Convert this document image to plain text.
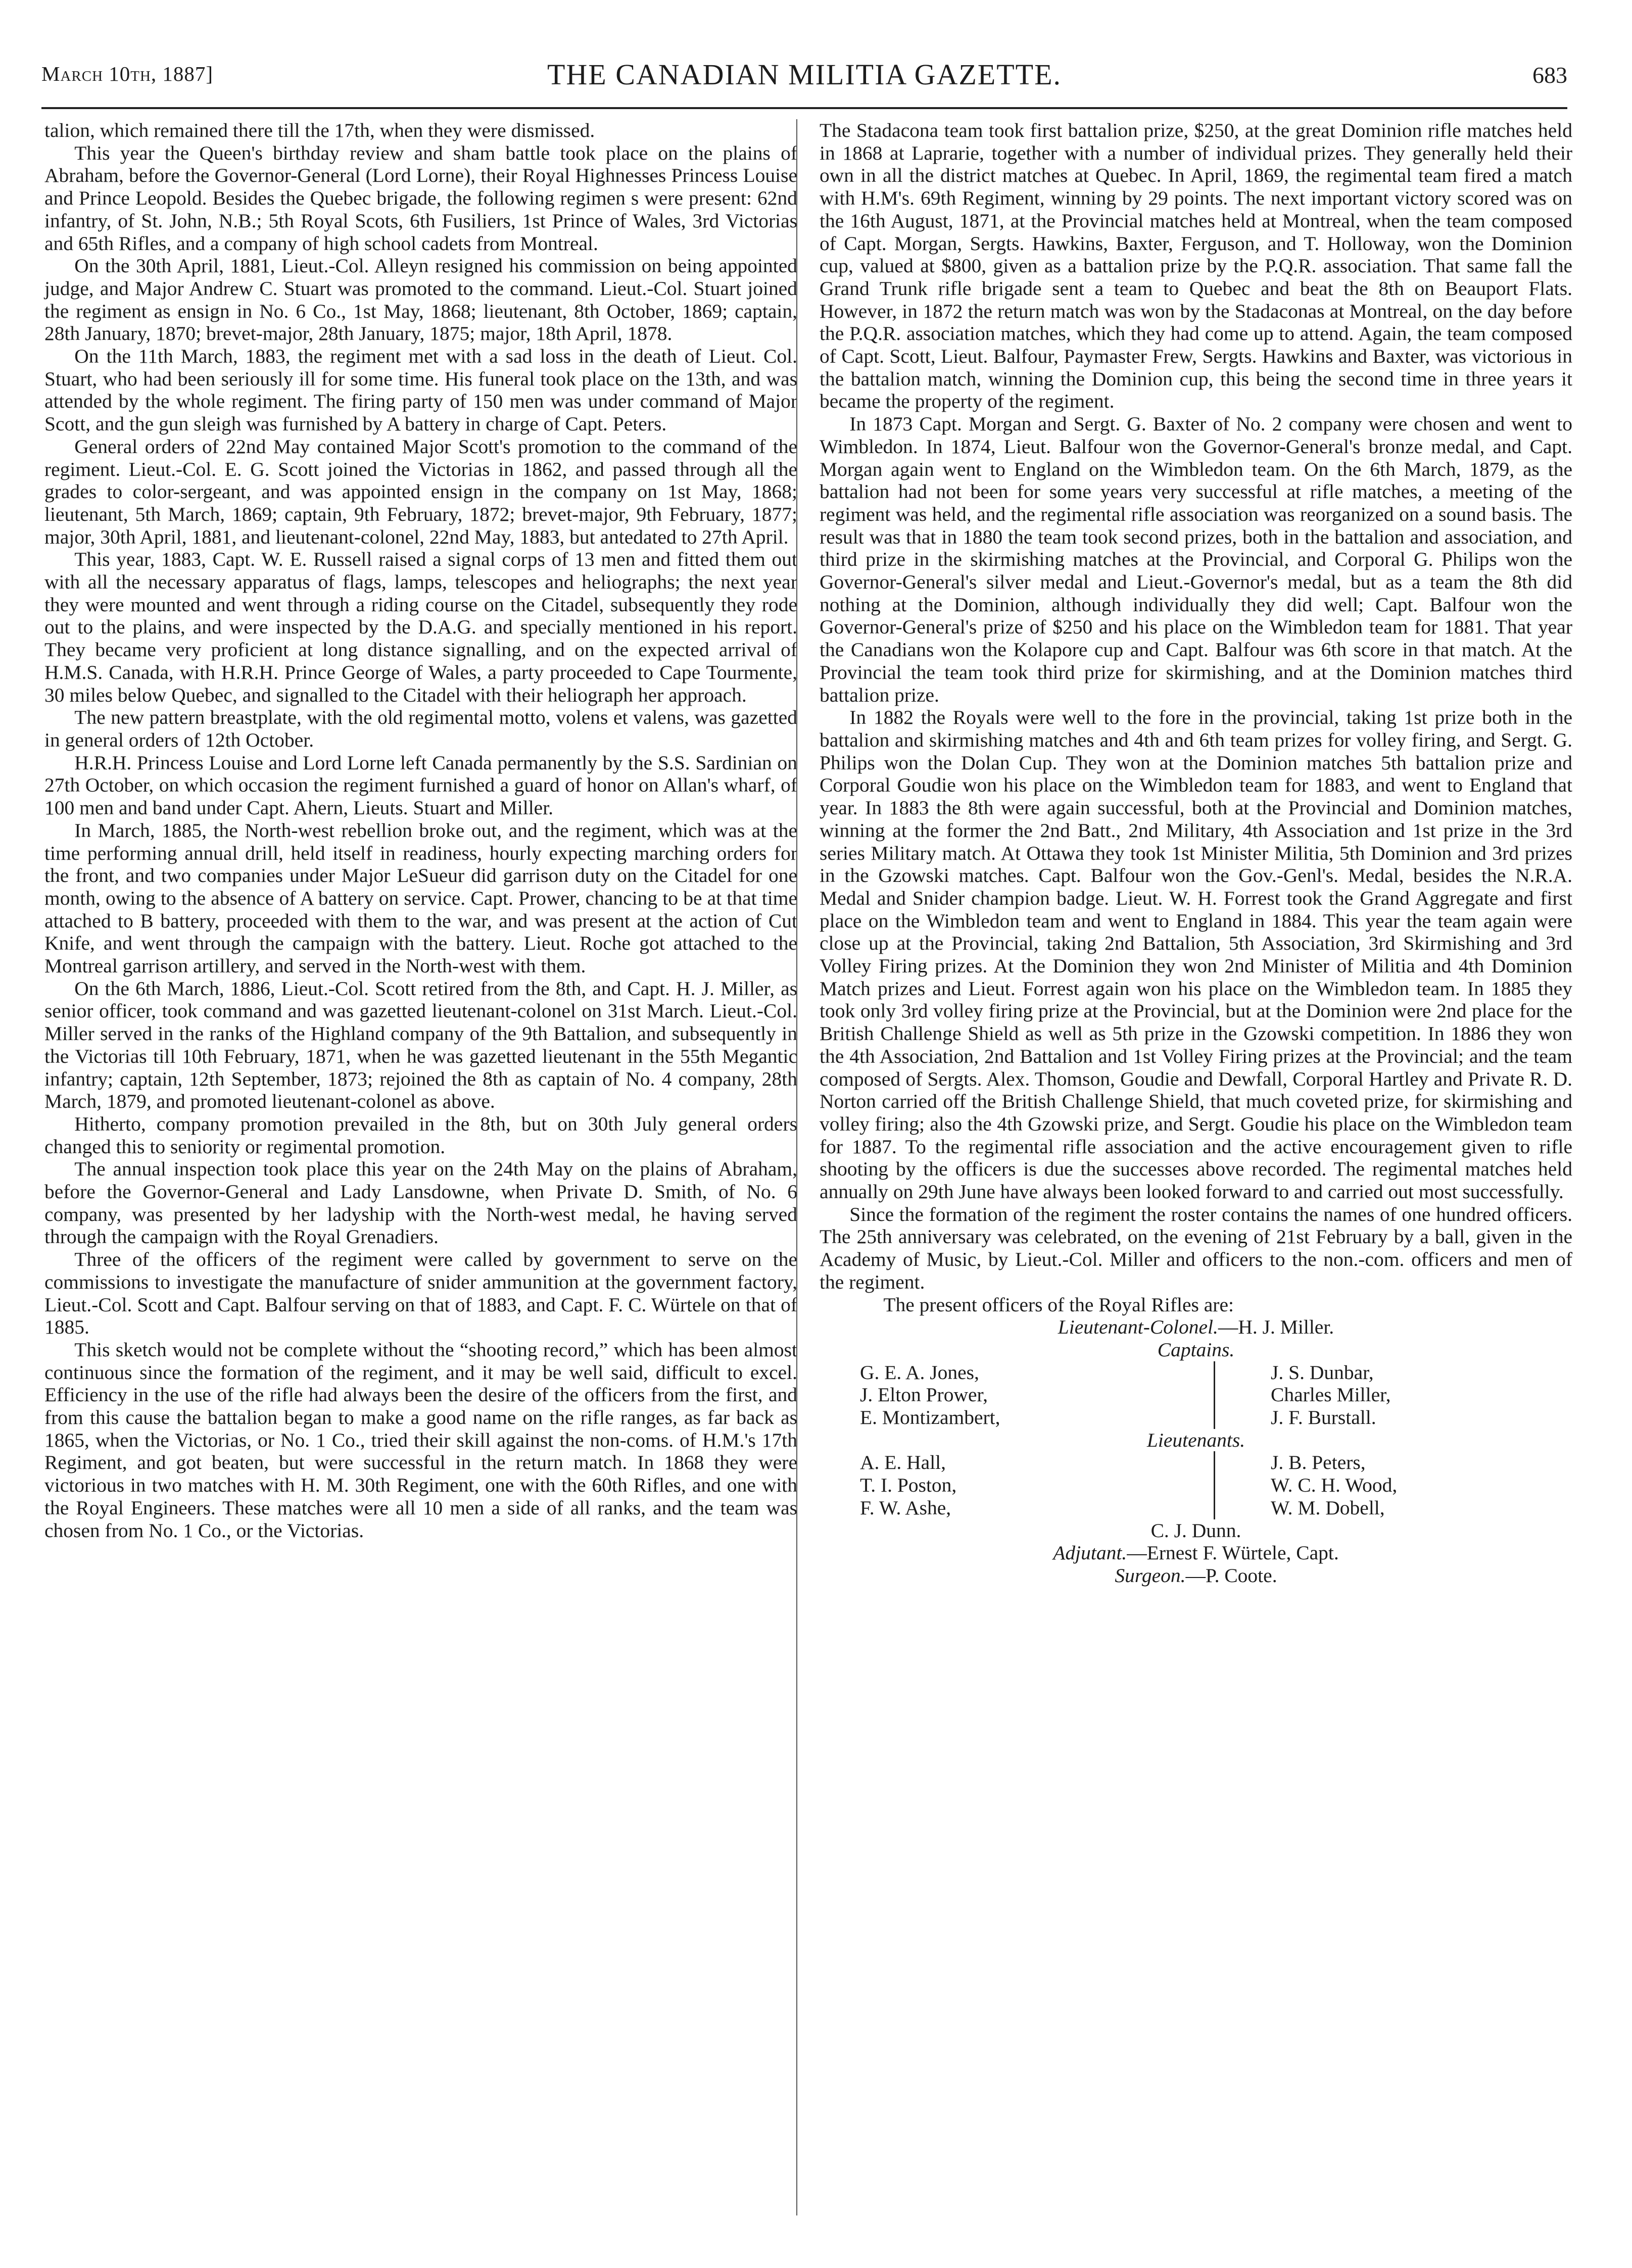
March 10th, 1887]	THE CANADIAN MILITIA GAZETTE.	683

talion, which remained there till the 17th, when they were dismissed.

This year the Queen's birthday review and sham battle took place on the plains of Abraham, before the Governor-General (Lord Lorne), their Royal Highnesses Princess Louise and Prince Leopold. Besides the Quebec brigade, the following regimen s were present: 62nd infantry, of St. John, N.B.; 5th Royal Scots, 6th Fusiliers, 1st Prince of Wales, 3rd Victorias and 65th Rifles, and a company of high school cadets from Montreal.

On the 30th April, 1881, Lieut.-Col. Alleyn resigned his commission on being appointed judge, and Major Andrew C. Stuart was promoted to the command. Lieut.-Col. Stuart joined the regiment as ensign in No. 6 Co., 1st May, 1868; lieutenant, 8th October, 1869; captain, 28th January, 1870; brevet-major, 28th January, 1875; major, 18th April, 1878.

On the 11th March, 1883, the regiment met with a sad loss in the death of Lieut. Col. Stuart, who had been seriously ill for some time. His funeral took place on the 13th, and was attended by the whole regiment. The firing party of 150 men was under command of Major Scott, and the gun sleigh was furnished by A battery in charge of Capt. Peters.

General orders of 22nd May contained Major Scott's promotion to the command of the regiment. Lieut.-Col. E. G. Scott joined the Victorias in 1862, and passed through all the grades to color-sergeant, and was appointed ensign in the company on 1st May, 1868; lieutenant, 5th March, 1869; captain, 9th February, 1872; brevet-major, 9th February, 1877; major, 30th April, 1881, and lieutenant-colonel, 22nd May, 1883, but antedated to 27th April.

This year, 1883, Capt. W. E. Russell raised a signal corps of 13 men and fitted them out with all the necessary apparatus of flags, lamps, telescopes and heliographs; the next year they were mounted and went through a riding course on the Citadel, subsequently they rode out to the plains, and were inspected by the D.A.G. and specially mentioned in his report. They became very proficient at long distance signalling, and on the expected arrival of H.M.S. Canada, with H.R.H. Prince George of Wales, a party proceeded to Cape Tourmente, 30 miles below Quebec, and signalled to the Citadel with their heliograph her approach.

The new pattern breastplate, with the old regimental motto, volens et valens, was gazetted in general orders of 12th October.

H.R.H. Princess Louise and Lord Lorne left Canada permanently by the S.S. Sardinian on 27th October, on which occasion the regiment furnished a guard of honor on Allan's wharf, of 100 men and band under Capt. Ahern, Lieuts. Stuart and Miller.

In March, 1885, the North-west rebellion broke out, and the regiment, which was at the time performing annual drill, held itself in readiness, hourly expecting marching orders for the front, and two companies under Major LeSueur did garrison duty on the Citadel for one month, owing to the absence of A battery on service. Capt. Prower, chancing to be at that time attached to B battery, proceeded with them to the war, and was present at the action of Cut Knife, and went through the campaign with the battery. Lieut. Roche got attached to the Montreal garrison artillery, and served in the North-west with them.

On the 6th March, 1886, Lieut.-Col. Scott retired from the 8th, and Capt. H. J. Miller, as senior officer, took command and was gazetted lieutenant-colonel on 31st March. Lieut.-Col. Miller served in the ranks of the Highland company of the 9th Battalion, and subsequently in the Victorias till 10th February, 1871, when he was gazetted lieutenant in the 55th Megantic infantry; captain, 12th September, 1873; rejoined the 8th as captain of No. 4 company, 28th March, 1879, and promoted lieutenant-colonel as above.

Hitherto, company promotion prevailed in the 8th, but on 30th July general orders changed this to seniority or regimental promotion.

The annual inspection took place this year on the 24th May on the plains of Abraham, before the Governor-General and Lady Lansdowne, when Private D. Smith, of No. 6 company, was presented by her ladyship with the North-west medal, he having served through the campaign with the Royal Grenadiers.

Three of the officers of the regiment were called by government to serve on the commissions to investigate the manufacture of snider ammunition at the government factory, Lieut.-Col. Scott and Capt. Balfour serving on that of 1883, and Capt. F. C. Würtele on that of 1885.

This sketch would not be complete without the “shooting record,” which has been almost continuous since the formation of the regiment, and it may be well said, difficult to excel. Efficiency in the use of the rifle had always been the desire of the officers from the first, and from this cause the battalion began to make a good name on the rifle ranges, as far back as 1865, when the Victorias, or No. 1 Co., tried their skill against the non-coms. of H.M.'s 17th Regiment, and got beaten, but were successful in the return match. In 1868 they were victorious in two matches with H. M. 30th Regiment, one with the 60th Rifles, and one with the Royal Engineers. These matches were all 10 men a side of all ranks, and the team was chosen from No. 1 Co., or the Victorias.

The Stadacona team took first battalion prize, $250, at the great Dominion rifle matches held in 1868 at Laprarie, together with a number of individual prizes. They generally held their own in all the district matches at Quebec. In April, 1869, the regimental team fired a match with H.M's. 69th Regiment, winning by 29 points. The next important victory scored was on the 16th August, 1871, at the Provincial matches held at Montreal, when the team composed of Capt. Morgan, Sergts. Hawkins, Baxter, Ferguson, and T. Holloway, won the Dominion cup, valued at $800, given as a battalion prize by the P.Q.R. association. That same fall the Grand Trunk rifle brigade sent a team to Quebec and beat the 8th on Beauport Flats. However, in 1872 the return match was won by the Stadaconas at Montreal, on the day before the P.Q.R. association matches, which they had come up to attend. Again, the team composed of Capt. Scott, Lieut. Balfour, Paymaster Frew, Sergts. Hawkins and Baxter, was victorious in the battalion match, winning the Dominion cup, this being the second time in three years it became the property of the regiment.

In 1873 Capt. Morgan and Sergt. G. Baxter of No. 2 company were chosen and went to Wimbledon. In 1874, Lieut. Balfour won the Governor-General's bronze medal, and Capt. Morgan again went to England on the Wimbledon team. On the 6th March, 1879, as the battalion had not been for some years very successful at rifle matches, a meeting of the regiment was held, and the regimental rifle association was reorganized on a sound basis. The result was that in 1880 the team took second prizes, both in the battalion and association, and third prize in the skirmishing matches at the Provincial, and Corporal G. Philips won the Governor-General's silver medal and Lieut.-Governor's medal, but as a team the 8th did nothing at the Dominion, although individually they did well; Capt. Balfour won the Governor-General's prize of $250 and his place on the Wimbledon team for 1881. That year the Canadians won the Kolapore cup and Capt. Balfour was 6th score in that match. At the Provincial the team took third prize for skirmishing, and at the Dominion matches third battalion prize.

In 1882 the Royals were well to the fore in the provincial, taking 1st prize both in the battalion and skirmishing matches and 4th and 6th team prizes for volley firing, and Sergt. G. Philips won the Dolan Cup. They won at the Dominion matches 5th battalion prize and Corporal Goudie won his place on the Wimbledon team for 1883, and went to England that year. In 1883 the 8th were again successful, both at the Provincial and Dominion matches, winning at the former the 2nd Batt., 2nd Military, 4th Association and 1st prize in the 3rd series Military match. At Ottawa they took 1st Minister Militia, 5th Dominion and 3rd prizes in the Gzowski matches. Capt. Balfour won the Gov.-Genl's. Medal, besides the N.R.A. Medal and Snider champion badge. Lieut. W. H. Forrest took the Grand Aggregate and first place on the Wimbledon team and went to England in 1884. This year the team again were close up at the Provincial, taking 2nd Battalion, 5th Association, 3rd Skirmishing and 3rd Volley Firing prizes. At the Dominion they won 2nd Minister of Militia and 4th Dominion Match prizes and Lieut. Forrest again won his place on the Wimbledon team. In 1885 they took only 3rd volley firing prize at the Provincial, but at the Dominion were 2nd place for the British Challenge Shield as well as 5th prize in the Gzowski competition. In 1886 they won the 4th Association, 2nd Battalion and 1st Volley Firing prizes at the Provincial; and the team composed of Sergts. Alex. Thomson, Goudie and Dewfall, Corporal Hartley and Private R. D. Norton carried off the British Challenge Shield, that much coveted prize, for skirmishing and volley firing; also the 4th Gzowski prize, and Sergt. Goudie his place on the Wimbledon team for 1887. To the regimental rifle association and the active encouragement given to rifle shooting by the officers is due the successes above recorded. The regimental matches held annually on 29th June have always been looked forward to and carried out most successfully.

Since the formation of the regiment the roster contains the names of one hundred officers. The 25th anniversary was celebrated, on the evening of 21st February by a ball, given in the Academy of Music, by Lieut.-Col. Miller and officers to the non.-com. officers and men of the regiment.

The present officers of the Royal Rifles are:

Lieutenant-Colonel.—H. J. Miller.

Captains.

G. E. A. Jones,
J. Elton Prower,
E. Montizambert,
J. S. Dunbar,
Charles Miller,
J. F. Burstall.

Lieutenants.

A. E. Hall,
T. I. Poston,
F. W. Ashe,
J. B. Peters,
W. C. H. Wood,
W. M. Dobell,

C. J. Dunn.

Adjutant.—Ernest F. Würtele, Capt.

Surgeon.—P. Coote.
